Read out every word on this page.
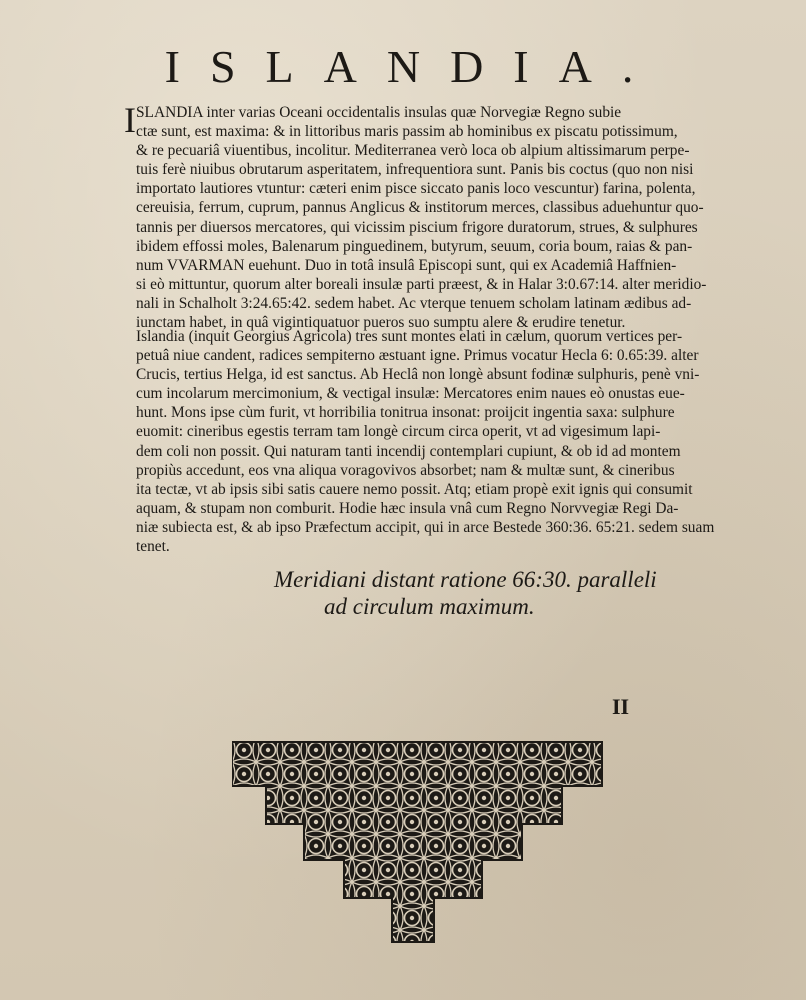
ISLANDIA.
I SLANDIA inter varias Oceani occidentalis insulas quæ Norvegiæ Regno subie
ctæ sunt, est maxima: & in littoribus maris passim ab hominibus ex piscatu potissimum,
& re pecuariâ viuentibus, incolitur. Mediterranea verò loca ob alpium altissimarum perpe-
tuis ferè niuibus obrutarum asperitatem, infrequentiora sunt. Panis bis coctus (quo non nisi
importato lautiores vtuntur: cæteri enim pisce siccato panis loco vescuntur) farina, polenta,
cereuisia, ferrum, cuprum, pannus Anglicus & institorum merces, classibus aduehuntur quo-
tannis per diuersos mercatores, qui vicissim piscium frigore duratorum, strues, & sulphures
ibidem effossi moles, Balenarum pinguedinem, butyrum, seuum, coria boum, raias & pan-
num VVARMAN euehunt. Duo in totâ insulâ Episcopi sunt, qui ex Academiâ Haffnien-
si eò mittuntur, quorum alter boreali insulæ parti præest, & in Halar 3:0.67:14. alter meridio-
nali in Schalholt 3:24.65:42. sedem habet. Ac vterque tenuem scholam latinam ædibus ad-
iunctam habet, in quâ vigintiquatuor pueros suo sumptu alere & erudire tenetur.
Islandia (inquit Georgius Agricola) tres sunt montes elati in cælum, quorum vertices per-
petuâ niue candent, radices sempiterno æstuant igne. Primus vocatur Hecla 6: 0.65:39. alter
Crucis, tertius Helga, id est sanctus. Ab Heclâ non longè absunt fodinæ sulphuris, penè vni-
cum incolarum mercimonium, & vectigal insulæ: Mercatores enim naues eò onustas eue-
hunt. Mons ipse cùm furit, vt horribilia tonitrua insonat: proijcit ingentia saxa: sulphure
euomit: cineribus egestis terram tam longè circum circa operit, vt ad vigesimum lapi-
dem coli non possit. Qui naturam tanti incendij contemplari cupiunt, & ob id ad montem
propiùs accedunt, eos vna aliqua voragovivos absorbet; nam & multæ sunt, & cineribus
ita tectæ, vt ab ipsis sibi satis cauere nemo possit. Atq; etiam propè exit ignis qui consumit
aquam, & stupam non comburit. Hodie hæc insula vnâ cum Regno Norvvegiæ Regi Da-
niæ subiecta est, & ab ipso Præfectum accipit, qui in arce Bestede 360:36. 65:21. sedem suam
tenet.
Meridiani distant ratione 66:30. paralleli
ad circulum maximum.
II
